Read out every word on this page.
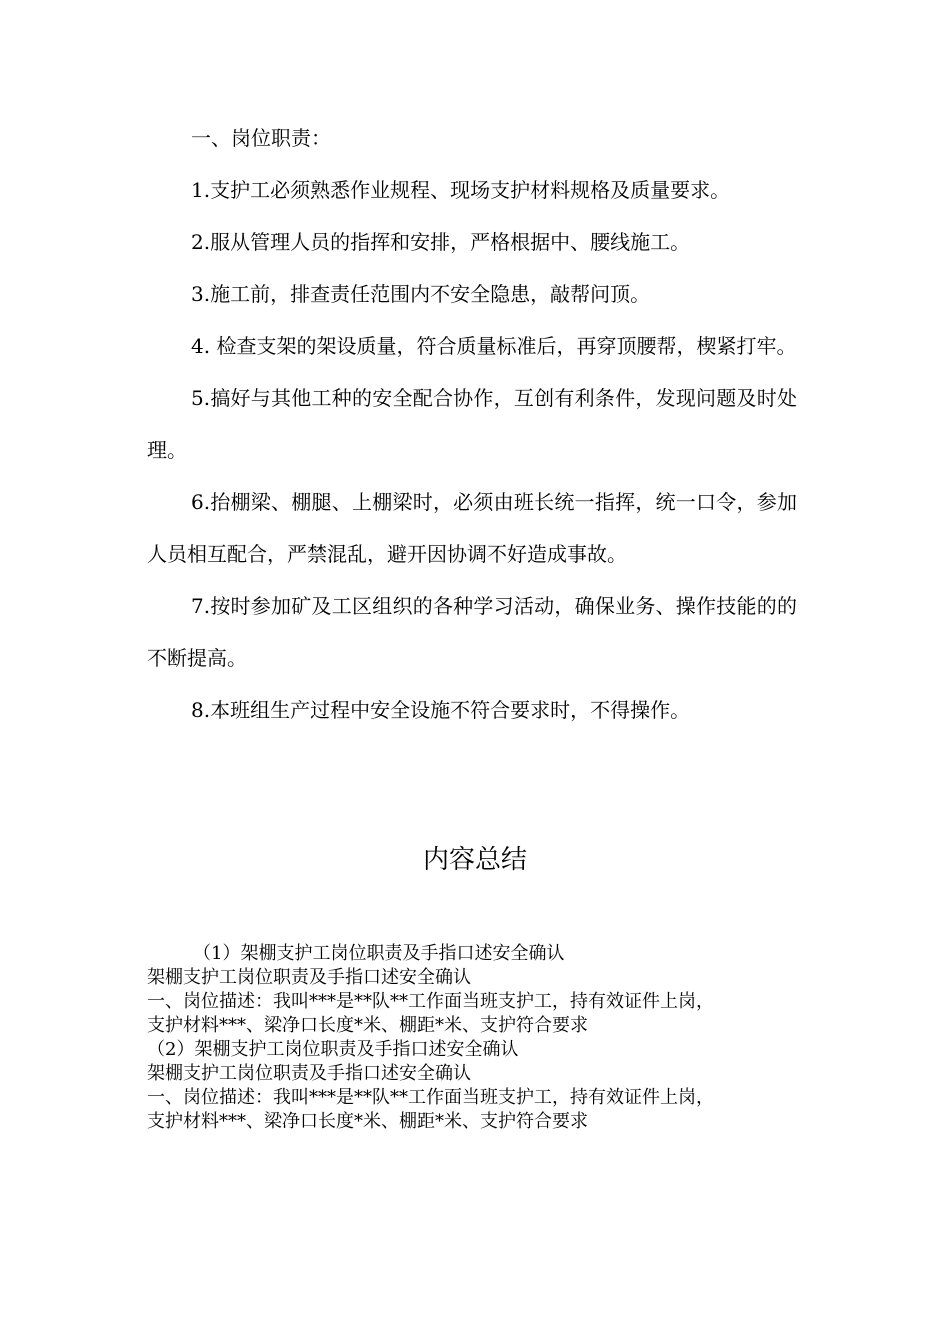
一、岗位职责：

1.支护工必须熟悉作业规程、现场支护材料规格及质量要求。

2.服从管理人员的指挥和安排，严格根据中、腰线施工。

3.施工前，排查责任范围内不安全隐患，敲帮问顶。

4. 检查支架的架设质量，符合质量标准后，再穿顶腰帮，楔紧打牢。

5.搞好与其他工种的安全配合协作，互创有利条件，发现问题及时处理。

6.抬棚梁、棚腿、上棚梁时，必须由班长统一指挥，统一口令，参加人员相互配合，严禁混乱，避开因协调不好造成事故。

7.按时参加矿及工区组织的各种学习活动，确保业务、操作技能的的不断提高。

8.本班组生产过程中安全设施不符合要求时，不得操作。

内容总结
（1）架棚支护工岗位职责及手指口述安全确认
架棚支护工岗位职责及手指口述安全确认
一、岗位描述：我叫***是**队**工作面当班支护工，持有效证件上岗，
支护材料***、梁净口长度*米、棚距*米、支护符合要求
（2）架棚支护工岗位职责及手指口述安全确认
架棚支护工岗位职责及手指口述安全确认
一、岗位描述：我叫***是**队**工作面当班支护工，持有效证件上岗，
支护材料***、梁净口长度*米、棚距*米、支护符合要求
